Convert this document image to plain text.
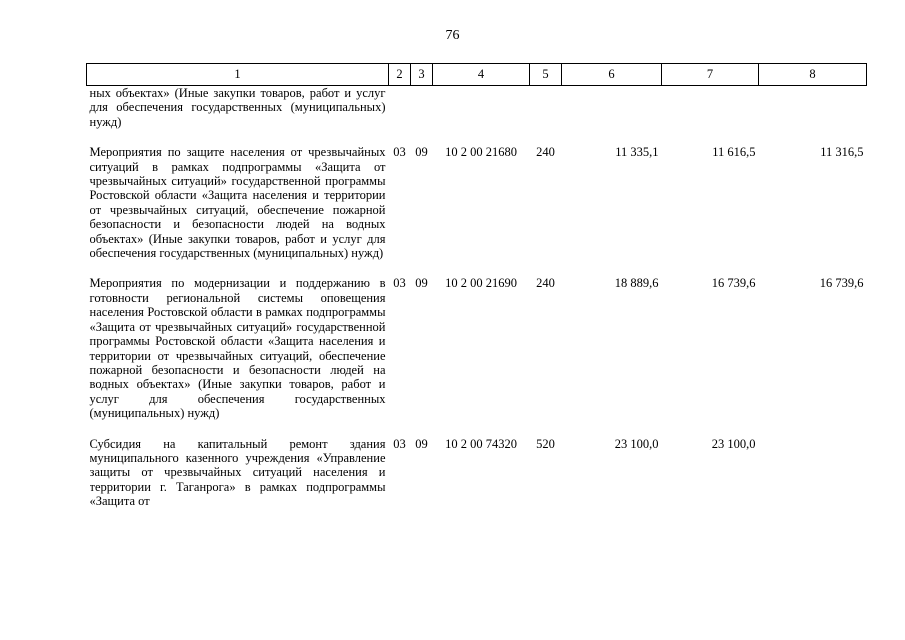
76
1	2	3	4	5	6	7	8
ных объектах» (Иные закупки товаров, работ и услуг для обеспечения государственных (муниципальных) нужд)							

Мероприятия по защите населения от чрезвычайных ситуаций в рамках подпрограммы «Защита от чрезвычайных ситуаций» государственной программы Ростовской области «Защита населения и территории от чрезвычайных ситуаций, обеспечение пожарной безопасности и безопасности людей на водных объектах» (Иные закупки товаров, работ и услуг для обеспечения государственных (муниципальных) нужд)	03	09	10 2 00 21680	240	11 335,1	11 616,5	11 316,5

Мероприятия по модернизации и поддержанию в готовности региональной системы оповещения населения Ростовской области в рамках подпрограммы «Защита от чрезвычайных ситуаций» государственной программы Ростовской области «Защита населения и территории от чрезвычайных ситуаций, обеспечение пожарной безопасности и безопасности людей на водных объектах» (Иные закупки товаров, работ и услуг для обеспечения государственных (муниципальных) нужд)	03	09	10 2 00 21690	240	18 889,6	16 739,6	16 739,6

Субсидия на капитальный ремонт здания муниципального казенного учреждения «Управление защиты от чрезвычайных ситуаций населения и территории г. Таганрога» в рамках подпрограммы «Защита от	03	09	10 2 00 74320	520	23 100,0	23 100,0	
